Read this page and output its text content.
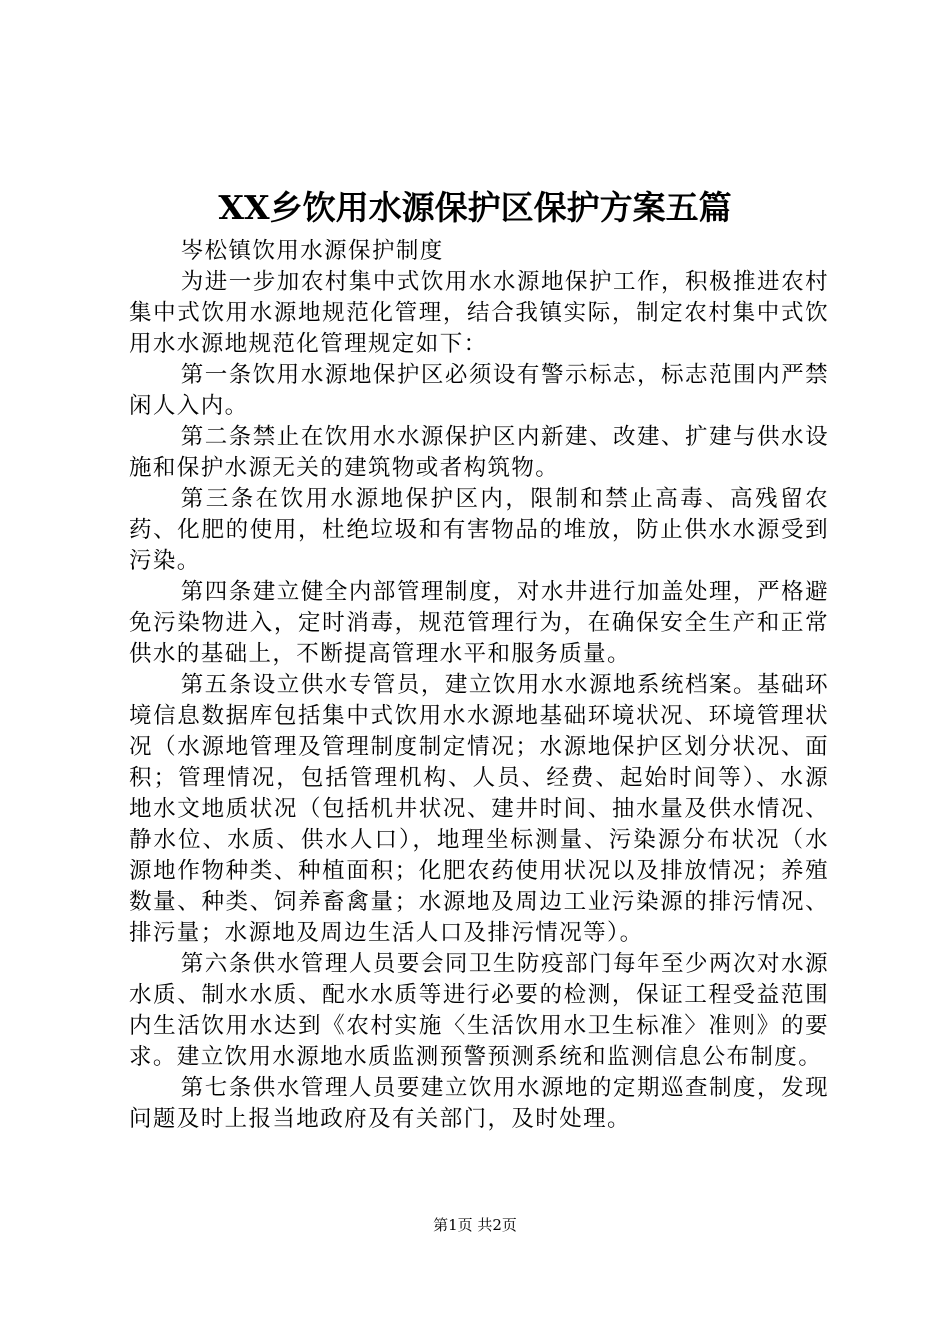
XX乡饮用水源保护区保护方案五篇

岑松镇饮用水源保护制度

为进一步加农村集中式饮用水水源地保护工作，积极推进农村集中式饮用水源地规范化管理，结合我镇实际，制定农村集中式饮用水水源地规范化管理规定如下：

第一条饮用水源地保护区必须设有警示标志，标志范围内严禁闲人入内。

第二条禁止在饮用水水源保护区内新建、改建、扩建与供水设施和保护水源无关的建筑物或者构筑物。

第三条在饮用水源地保护区内，限制和禁止高毒、高残留农药、化肥的使用，杜绝垃圾和有害物品的堆放，防止供水水源受到污染。

第四条建立健全内部管理制度，对水井进行加盖处理，严格避免污染物进入，定时消毒，规范管理行为，在确保安全生产和正常供水的基础上，不断提高管理水平和服务质量。

第五条设立供水专管员，建立饮用水水源地系统档案。基础环境信息数据库包括集中式饮用水水源地基础环境状况、环境管理状况（水源地管理及管理制度制定情况；水源地保护区划分状况、面积；管理情况，包括管理机构、人员、经费、起始时间等）、水源地水文地质状况（包括机井状况、建井时间、抽水量及供水情况、静水位、水质、供水人口），地理坐标测量、污染源分布状况（水源地作物种类、种植面积；化肥农药使用状况以及排放情况；养殖数量、种类、饲养畜禽量；水源地及周边工业污染源的排污情况、排污量；水源地及周边生活人口及排污情况等）。

第六条供水管理人员要会同卫生防疫部门每年至少两次对水源水质、制水水质、配水水质等进行必要的检测，保证工程受益范围内生活饮用水达到《农村实施〈生活饮用水卫生标准〉准则》的要求。建立饮用水源地水质监测预警预测系统和监测信息公布制度。

第七条供水管理人员要建立饮用水源地的定期巡查制度，发现问题及时上报当地政府及有关部门，及时处理。

第1页 共2页
